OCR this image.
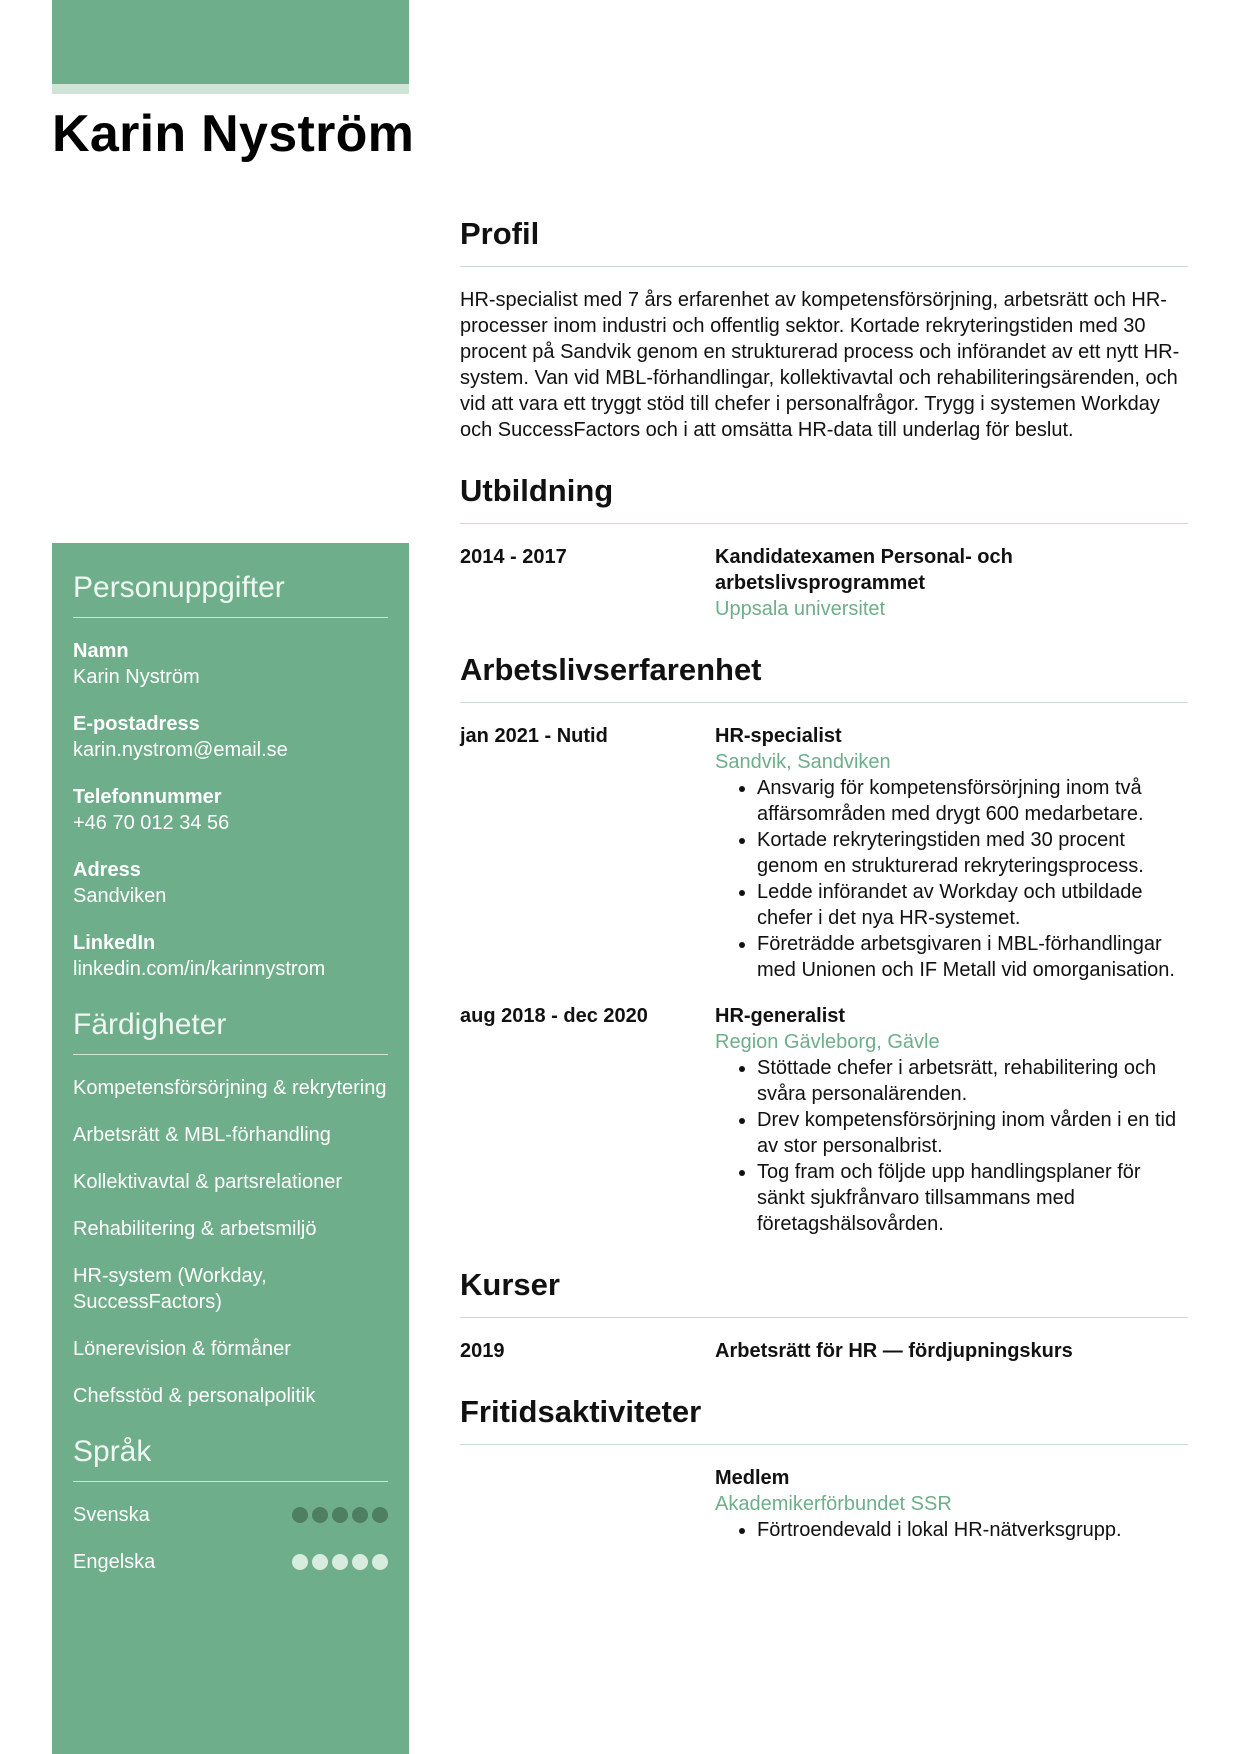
Karin Nyström
Personuppgifter
Namn
Karin Nyström
E-postadress
karin.nystrom@email.se
Telefonnummer
+46 70 012 34 56
Adress
Sandviken
LinkedIn
linkedin.com/in/karinnystrom
Färdigheter
Kompetensförsörjning & rekrytering
Arbetsrätt & MBL-förhandling
Kollektivavtal & partsrelationer
Rehabilitering & arbetsmiljö
HR-system (Workday, SuccessFactors)
Lönerevision & förmåner
Chefsstöd & personalpolitik
Språk
Svenska
Engelska
Profil
HR-specialist med 7 års erfarenhet av kompetensförsörjning, arbetsrätt och HR-processer inom industri och offentlig sektor. Kortade rekryteringstiden med 30 procent på Sandvik genom en strukturerad process och införandet av ett nytt HR-system. Van vid MBL-förhandlingar, kollektivavtal och rehabiliteringsärenden, och vid att vara ett tryggt stöd till chefer i personalfrågor. Trygg i systemen Workday och SuccessFactors och i att omsätta HR-data till underlag för beslut.
Utbildning
2014 - 2017	Kandidatexamen Personal- och arbetslivsprogrammet
Uppsala universitet
Arbetslivserfarenhet
jan 2021 - Nutid	HR-specialist
Sandvik, Sandviken
• Ansvarig för kompetensförsörjning inom två affärsområden med drygt 600 medarbetare.
• Kortade rekryteringstiden med 30 procent genom en strukturerad rekryteringsprocess.
• Ledde införandet av Workday och utbildade chefer i det nya HR-systemet.
• Företrädde arbetsgivaren i MBL-förhandlingar med Unionen och IF Metall vid omorganisation.
aug 2018 - dec 2020	HR-generalist
Region Gävleborg, Gävle
• Stöttade chefer i arbetsrätt, rehabilitering och svåra personalärenden.
• Drev kompetensförsörjning inom vården i en tid av stor personalbrist.
• Tog fram och följde upp handlingsplaner för sänkt sjukfrånvaro tillsammans med företagshälsovården.
Kurser
2019	Arbetsrätt för HR — fördjupningskurs
Fritidsaktiviteter
Medlem
Akademikerförbundet SSR
• Förtroendevald i lokal HR-nätverksgrupp.
